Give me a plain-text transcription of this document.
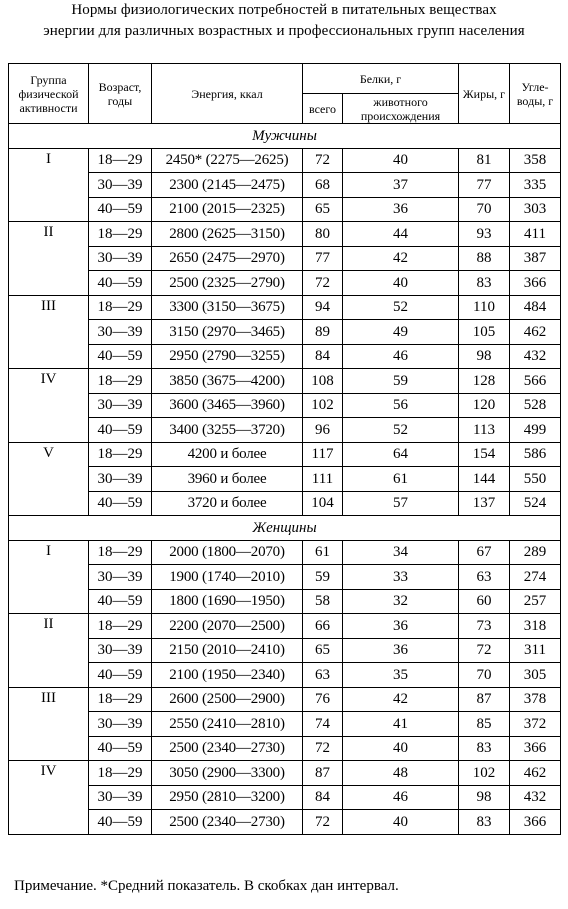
Нормы физиологических потребностей в питательных веществах
энергии для различных возрастных и профессиональных групп населения
Группа физической активности	Возраст, годы	Энергия, ккал	Белки, г		Жиры, г	Угле-воды, г
			всего	животного происхождения		
Мужчины						
I	18—29	2450* (2275—2625)	72	40	81	358
	30—39	2300 (2145—2475)	68	37	77	335
	40—59	2100 (2015—2325)	65	36	70	303
II	18—29	2800 (2625—3150)	80	44	93	411
	30—39	2650 (2475—2970)	77	42	88	387
	40—59	2500 (2325—2790)	72	40	83	366
III	18—29	3300 (3150—3675)	94	52	110	484
	30—39	3150 (2970—3465)	89	49	105	462
	40—59	2950 (2790—3255)	84	46	98	432
IV	18—29	3850 (3675—4200)	108	59	128	566
	30—39	3600 (3465—3960)	102	56	120	528
	40—59	3400 (3255—3720)	96	52	113	499
V	18—29	4200 и более	117	64	154	586
	30—39	3960 и более	111	61	144	550
	40—59	3720 и более	104	57	137	524
Женщины						
I	18—29	2000 (1800—2070)	61	34	67	289
	30—39	1900 (1740—2010)	59	33	63	274
	40—59	1800 (1690—1950)	58	32	60	257
II	18—29	2200 (2070—2500)	66	36	73	318
	30—39	2150 (2010—2410)	65	36	72	311
	40—59	2100 (1950—2340)	63	35	70	305
III	18—29	2600 (2500—2900)	76	42	87	378
	30—39	2550 (2410—2810)	74	41	85	372
	40—59	2500 (2340—2730)	72	40	83	366
IV	18—29	3050 (2900—3300)	87	48	102	462
	30—39	2950 (2810—3200)	84	46	98	432
	40—59	2500 (2340—2730)	72	40	83	366
Примечание. *Средний показатель. В скобках дан интервал.
